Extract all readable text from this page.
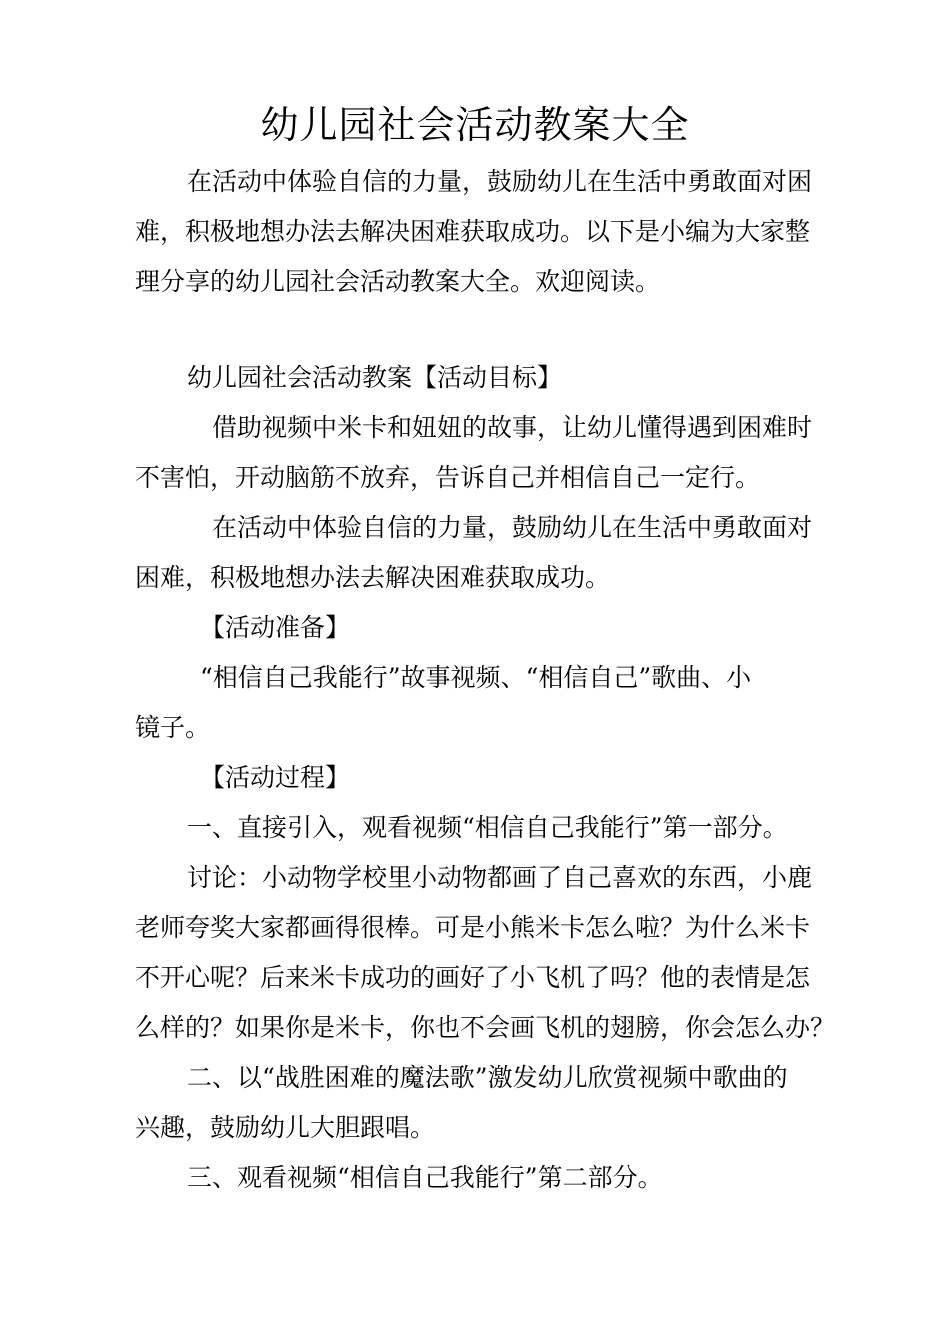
幼儿园社会活动教案大全
在活动中体验自信的力量，鼓励幼儿在生活中勇敢面对困
难，积极地想办法去解决困难获取成功。以下是小编为大家整
理分享的幼儿园社会活动教案大全。欢迎阅读。
幼儿园社会活动教案【活动目标】
借助视频中米卡和妞妞的故事，让幼儿懂得遇到困难时
不害怕，开动脑筋不放弃，告诉自己并相信自己一定行。
在活动中体验自信的力量，鼓励幼儿在生活中勇敢面对
困难，积极地想办法去解决困难获取成功。
【活动准备】
“相信自己我能行”故事视频、“相信自己”歌曲、小
镜子。
【活动过程】
一、直接引入，观看视频“相信自己我能行”第一部分。
讨论：小动物学校里小动物都画了自己喜欢的东西，小鹿
老师夸奖大家都画得很棒。可是小熊米卡怎么啦？为什么米卡
不开心呢？后来米卡成功的画好了小飞机了吗？他的表情是怎
么样的？如果你是米卡，你也不会画飞机的翅膀，你会怎么办？
二、以“战胜困难的魔法歌”激发幼儿欣赏视频中歌曲的
兴趣，鼓励幼儿大胆跟唱。
三、观看视频“相信自己我能行”第二部分。
